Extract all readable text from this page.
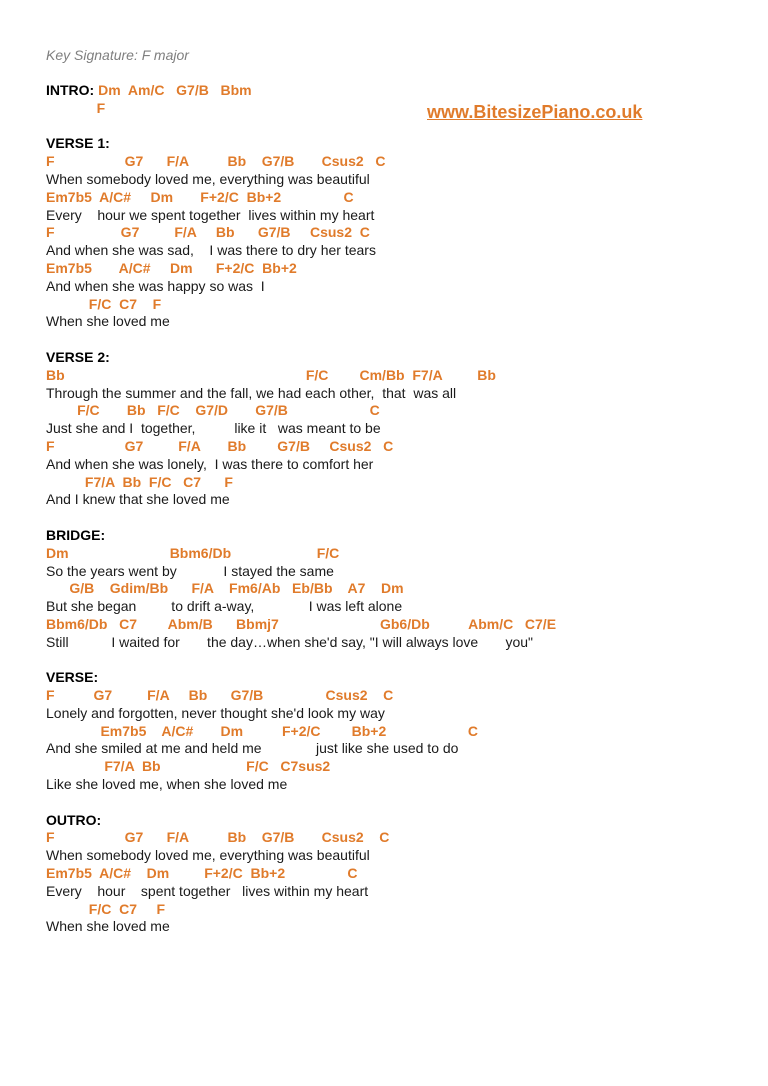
Key Signature: F major
www.BitesizePiano.co.uk
INTRO: Dm  Am/C   G7/B   Bbm
F
VERSE 1:
F                  G7      F/A          Bb    G7/B       Csus2   C
When somebody loved me, everything was beautiful
Em7b5  A/C#     Dm       F+2/C  Bb+2                C
Every    hour we spent together  lives within my heart
F                 G7         F/A     Bb      G7/B     Csus2  C
And when she was sad,    I was there to dry her tears
Em7b5       A/C#     Dm      F+2/C  Bb+2
And when she was happy so was  I
F/C  C7    F
When she loved me
VERSE 2:
Bb                                                              F/C        Cm/Bb  F7/A         Bb
Through the summer and the fall, we had each other,  that  was all
F/C       Bb   F/C    G7/D       G7/B                     C
Just she and I  together,          like it   was meant to be
F                  G7         F/A       Bb        G7/B     Csus2   C
And when she was lonely,  I was there to comfort her
F7/A  Bb  F/C   C7      F
And I knew that she loved me
BRIDGE:
Dm                          Bbm6/Db                      F/C
So the years went by            I stayed the same
G/B    Gdim/Bb      F/A    Fm6/Ab   Eb/Bb    A7    Dm
But she began         to drift a-way,              I was left alone
Bbm6/Db   C7        Abm/B      Bbmj7                          Gb6/Db          Abm/C   C7/E
Still           I waited for       the day…when she'd say, "I will always love       you"
VERSE:
F          G7         F/A     Bb      G7/B                Csus2    C
Lonely and forgotten, never thought she'd look my way
Em7b5    A/C#       Dm          F+2/C        Bb+2                     C
And she smiled at me and held me              just like she used to do
F7/A  Bb                      F/C   C7sus2
Like she loved me, when she loved me
OUTRO:
F                  G7      F/A          Bb    G7/B       Csus2    C
When somebody loved me, everything was beautiful
Em7b5  A/C#    Dm         F+2/C  Bb+2                C
Every    hour    spent together   lives within my heart
F/C  C7     F
When she loved me
